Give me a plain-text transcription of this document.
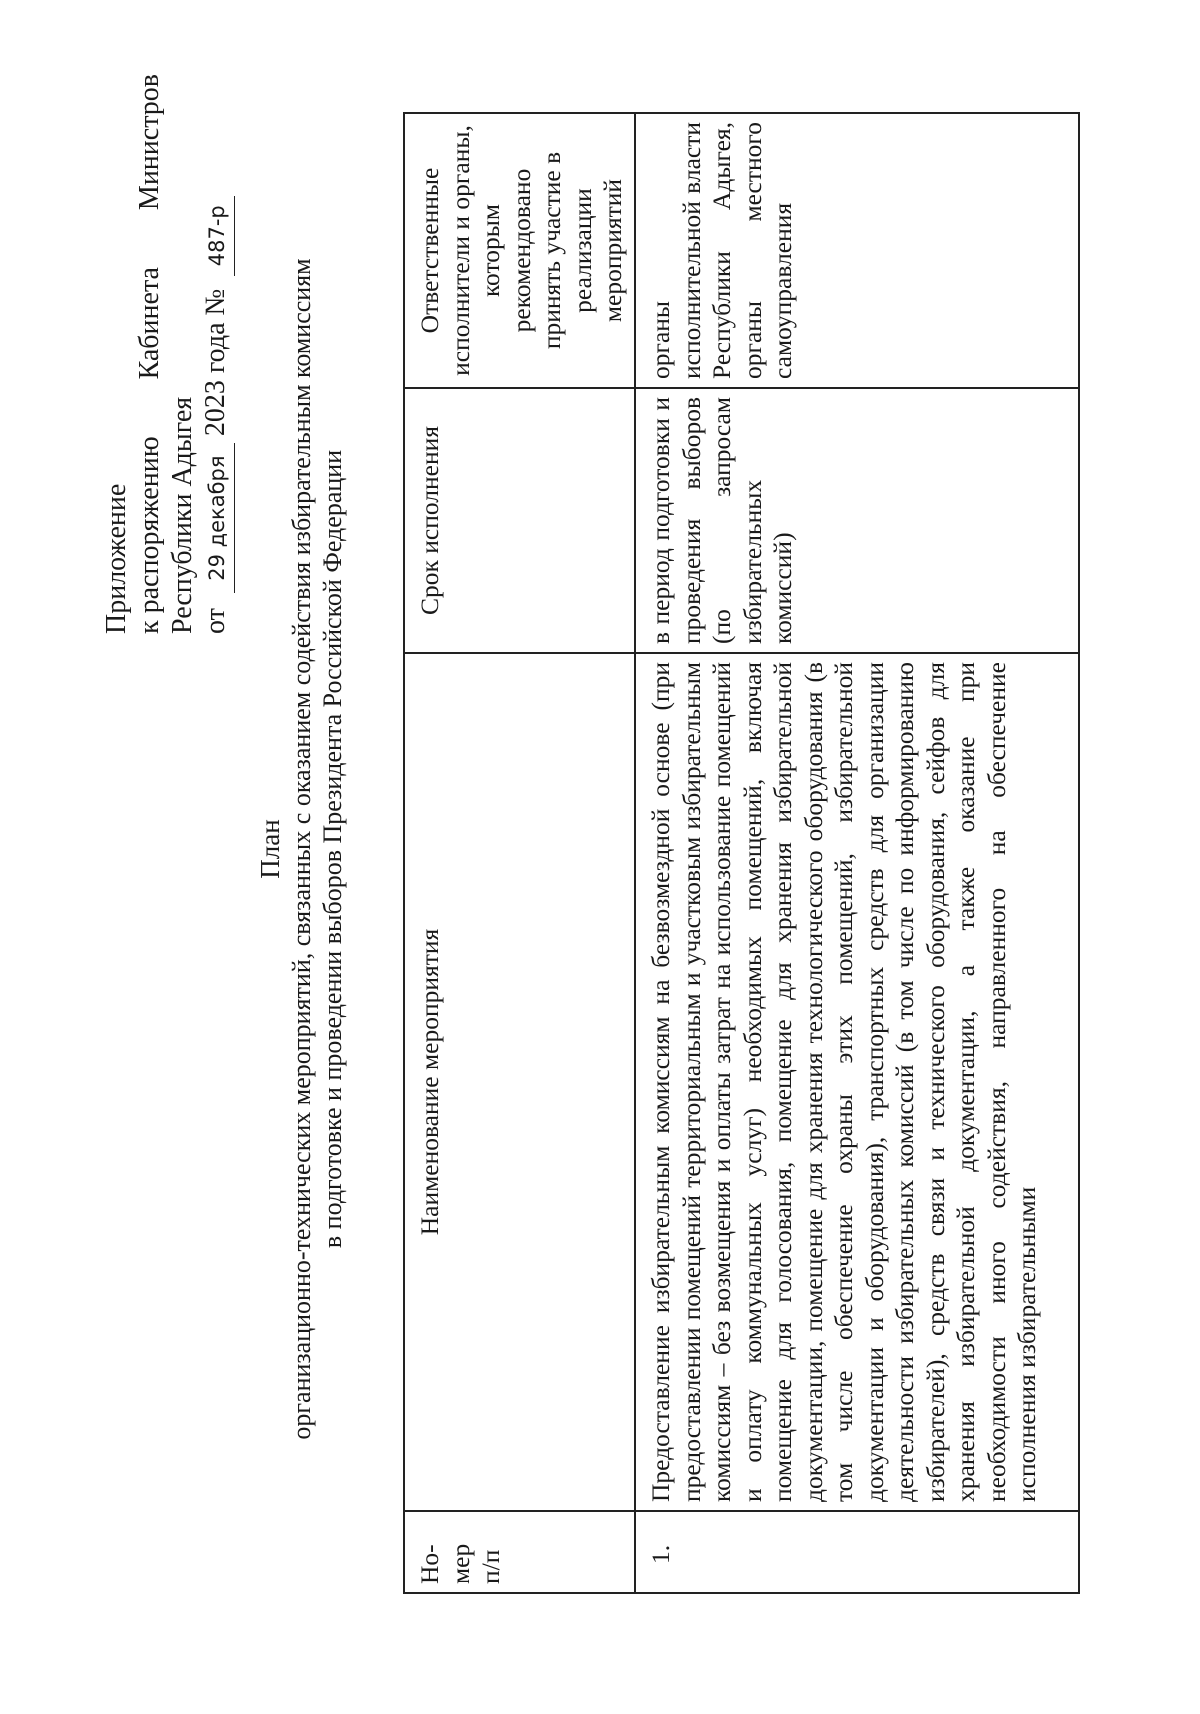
Приложение к распоряжению
Кабинета
Министров
Республики Адыгея от 29 декабря 2023 года № 487-р
План организационно-технических мероприятий, связанных с оказанием содействия избирательным комиссиям в подготовке и проведении выборов Президента Российской Федерации
Но-мер п/п	Наименование мероприятия	Срок исполнения	Ответственные исполнители и органы, которым рекомендовано принять участие в реализации мероприятий
1.	Предоставление избирательным комиссиям на безвозмездной основе (при предоставлении помещений территориальным и участковым избирательным комиссиям – без возмещения и оплаты затрат на использование помещений и оплату коммунальных услуг) необходимых помещений, включая помещение для голосования, помещение для хранения избирательной документации, помещение для хранения технологического оборудования (в том числе обеспечение охраны этих помещений, избирательной документации и оборудования), транспортных средств для организации деятельности избирательных комиссий (в том числе по информированию избирателей), средств связи и технического оборудования, сейфов для хранения избирательной документации, а также оказание при необходимости иного содействия, направленного на обеспечение исполнения избирательными	в период подготовки и проведения выборов (по запросам избирательных комиссий)	органы исполнительной власти Республики Адыгея, органы местного самоуправления
